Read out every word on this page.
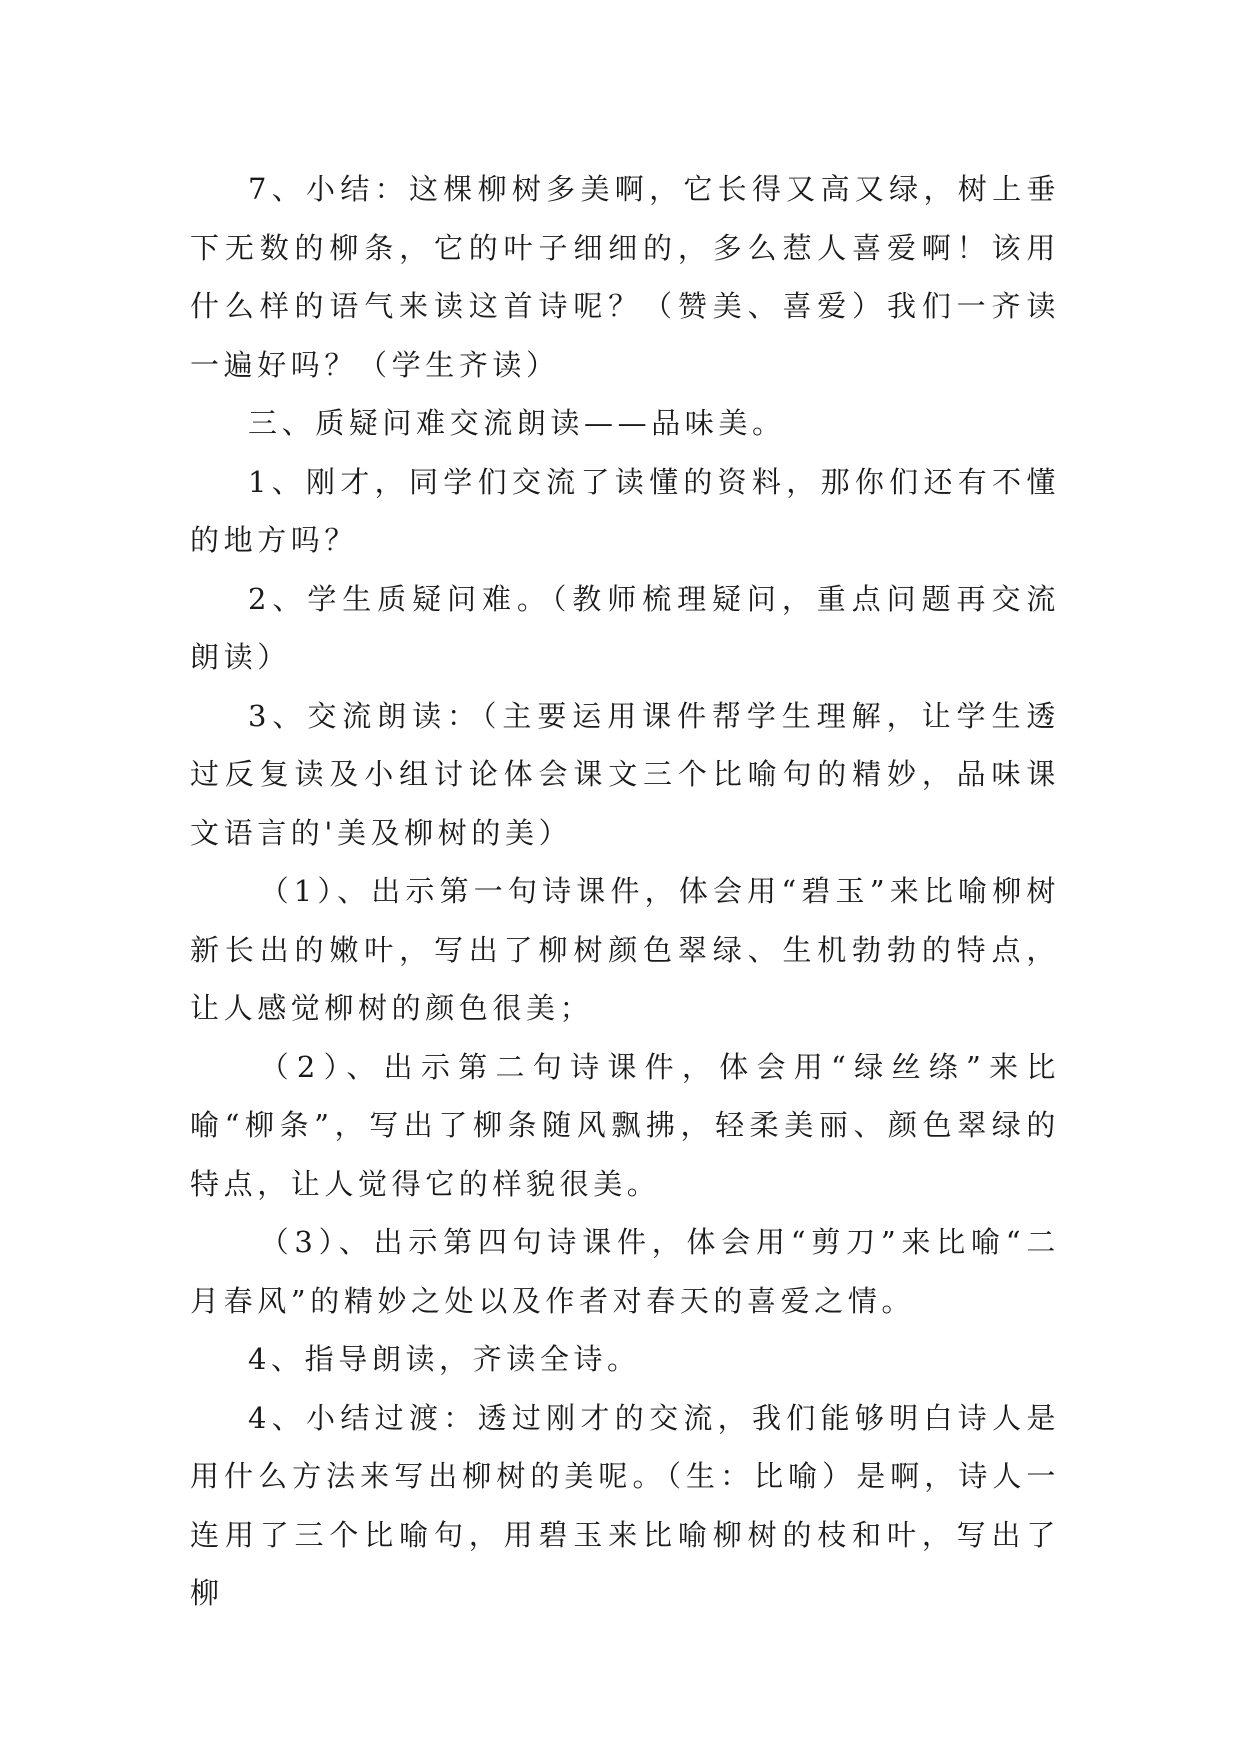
7、小结：这棵柳树多美啊，它长得又高又绿，树上垂下无数的柳条，它的叶子细细的，多么惹人喜爱啊！该用什么样的语气来读这首诗呢？（赞美、喜爱）我们一齐读一遍好吗？（学生齐读）

三、质疑问难交流朗读——品味美。

1、刚才，同学们交流了读懂的资料，那你们还有不懂的地方吗？

2、学生质疑问难。（教师梳理疑问，重点问题再交流朗读）

3、交流朗读：（主要运用课件帮学生理解，让学生透过反复读及小组讨论体会课文三个比喻句的精妙，品味课文语言的'美及柳树的美）

（1）、出示第一句诗课件，体会用“碧玉”来比喻柳树新长出的嫩叶，写出了柳树颜色翠绿、生机勃勃的特点，让人感觉柳树的颜色很美；

（2）、出示第二句诗课件，体会用“绿丝绦”来比喻“柳条”，写出了柳条随风飘拂，轻柔美丽、颜色翠绿的特点，让人觉得它的样貌很美。

（3）、出示第四句诗课件，体会用“剪刀”来比喻“二月春风”的精妙之处以及作者对春天的喜爱之情。

4、指导朗读，齐读全诗。

4、小结过渡：透过刚才的交流，我们能够明白诗人是用什么方法来写出柳树的美呢。（生：比喻）是啊，诗人一连用了三个比喻句，用碧玉来比喻柳树的枝和叶，写出了柳
